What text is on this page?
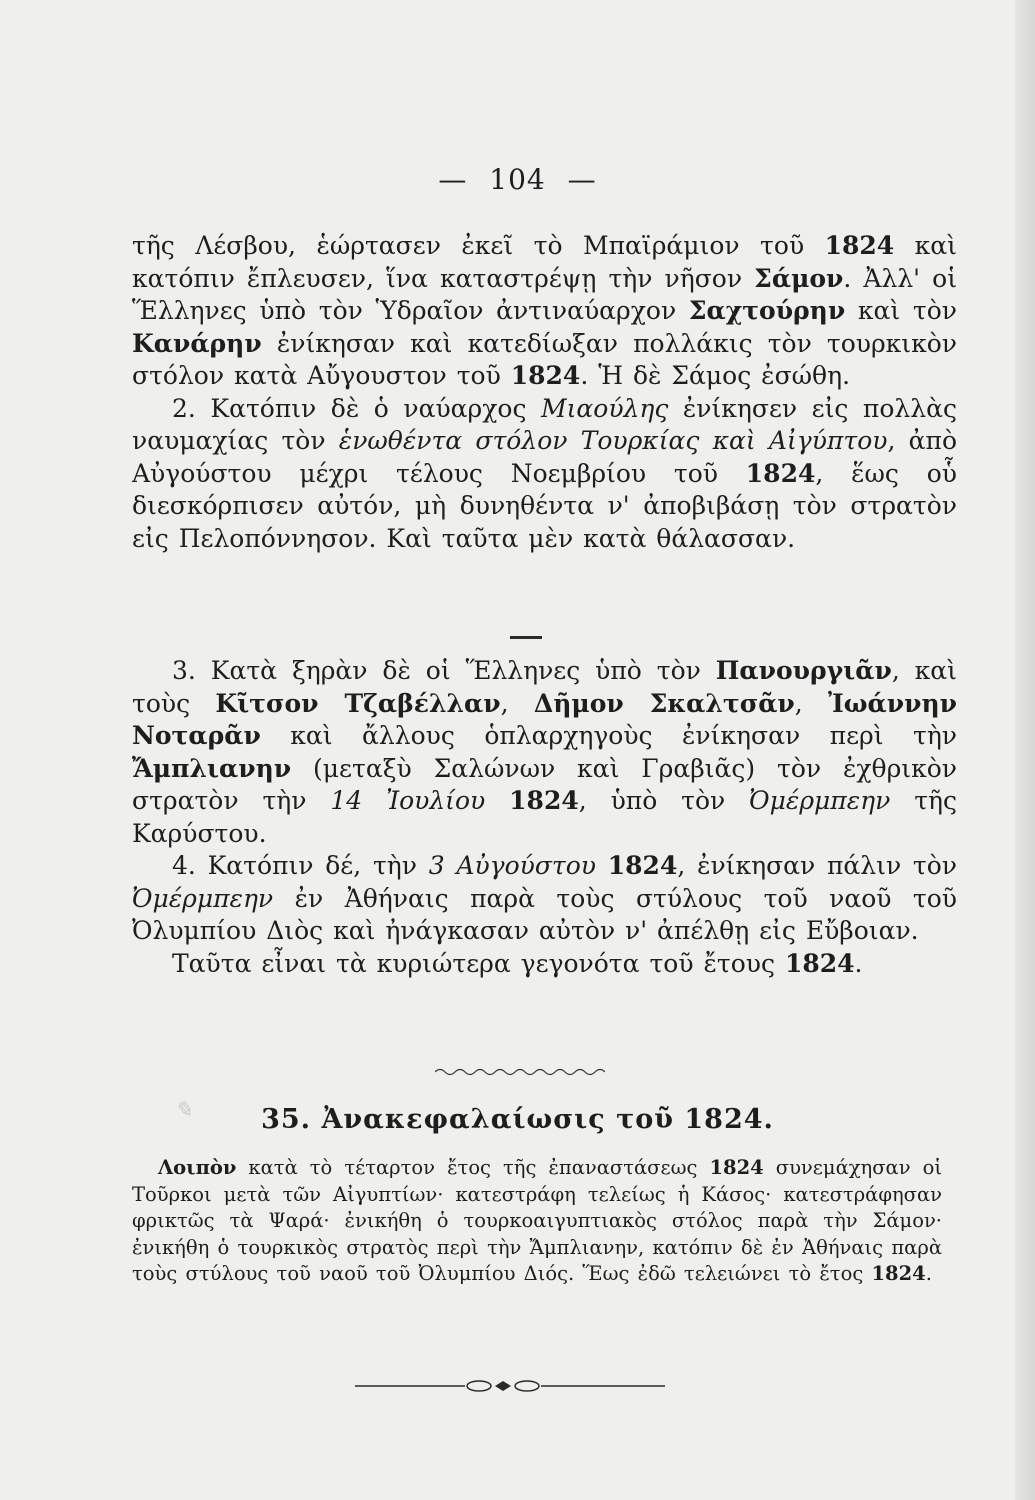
— 104 —

τῆς Λέσβου, ἑώρτασεν ἐκεῖ τὸ Μπαϊράμιον τοῦ 1824 καὶ κατόπιν ἔπλευσεν, ἵνα καταστρέψῃ τὴν νῆσον Σάμον. Ἀλλ' οἱ Ἕλληνες ὑπὸ τὸν Ὑδραῖον ἀντιναύαρχον Σαχτούρην καὶ τὸν Κανάρην ἐνίκησαν καὶ κατεδίωξαν πολλάκις τὸν τουρκικὸν στόλον κατὰ Αὔγουστον τοῦ 1824. Ἡ δὲ Σάμος ἐσώθη.

2. Κατόπιν δὲ ὁ ναύαρχος Μιαούλης ἐνίκησεν εἰς πολλὰς ναυμαχίας τὸν ἑνωθέντα στόλον Τουρκίας καὶ Αἰγύπτου, ἀπὸ Αὐγούστου μέχρι τέλους Νοεμβρίου τοῦ 1824, ἕως οὗ διεσκόρπισεν αὐτόν, μὴ δυνηθέντα ν' ἀποβιβάσῃ τὸν στρατὸν εἰς Πελοπόννησον. Καὶ ταῦτα μὲν κατὰ θάλασσαν.

3. Κατὰ ξηρὰν δὲ οἱ Ἕλληνες ὑπὸ τὸν Πανουργιᾶν, καὶ τοὺς Κῖτσον Τζαβέλλαν, Δῆμον Σκαλτσᾶν, Ἰωάννην Νοταρᾶν καὶ ἄλλους ὁπλαρχηγοὺς ἐνίκησαν περὶ τὴν Ἄμπλιανην (μεταξὺ Σαλώνων καὶ Γραβιᾶς) τὸν ἐχθρικὸν στρατὸν τὴν 14 Ἰουλίου 1824, ὑπὸ τὸν Ὀμέρμπεην τῆς Καρύστου.

4. Κατόπιν δέ, τὴν 3 Αὐγούστου 1824, ἐνίκησαν πάλιν τὸν Ὀμέρμπεην ἐν Ἀθήναις παρὰ τοὺς στύλους τοῦ ναοῦ τοῦ Ὀλυμπίου Διὸς καὶ ἠνάγκασαν αὐτὸν ν' ἀπέλθῃ εἰς Εὔβοιαν.

Ταῦτα εἶναι τὰ κυριώτερα γεγονότα τοῦ ἔτους 1824.

✎	35. Ἀνακεφαλαίωσις τοῦ 1824.

Λοιπὸν κατὰ τὸ τέταρτον ἔτος τῆς ἐπαναστάσεως 1824 συνεμάχησαν οἱ Τοῦρκοι μετὰ τῶν Αἰγυπτίων· κατεστράφη τελείως ἡ Κάσος· κατεστράφησαν φρικτῶς τὰ Ψαρά· ἐνικήθη ὁ τουρκοαιγυπτιακὸς στόλος παρὰ τὴν Σάμον· ἐνικήθη ὁ τουρκικὸς στρατὸς περὶ τὴν Ἄμπλιανην, κατόπιν δὲ ἐν Ἀθήναις παρὰ τοὺς στύλους τοῦ ναοῦ τοῦ Ὀλυμπίου Διός. Ἕως ἐδῶ τελειώνει τὸ ἔτος 1824.
